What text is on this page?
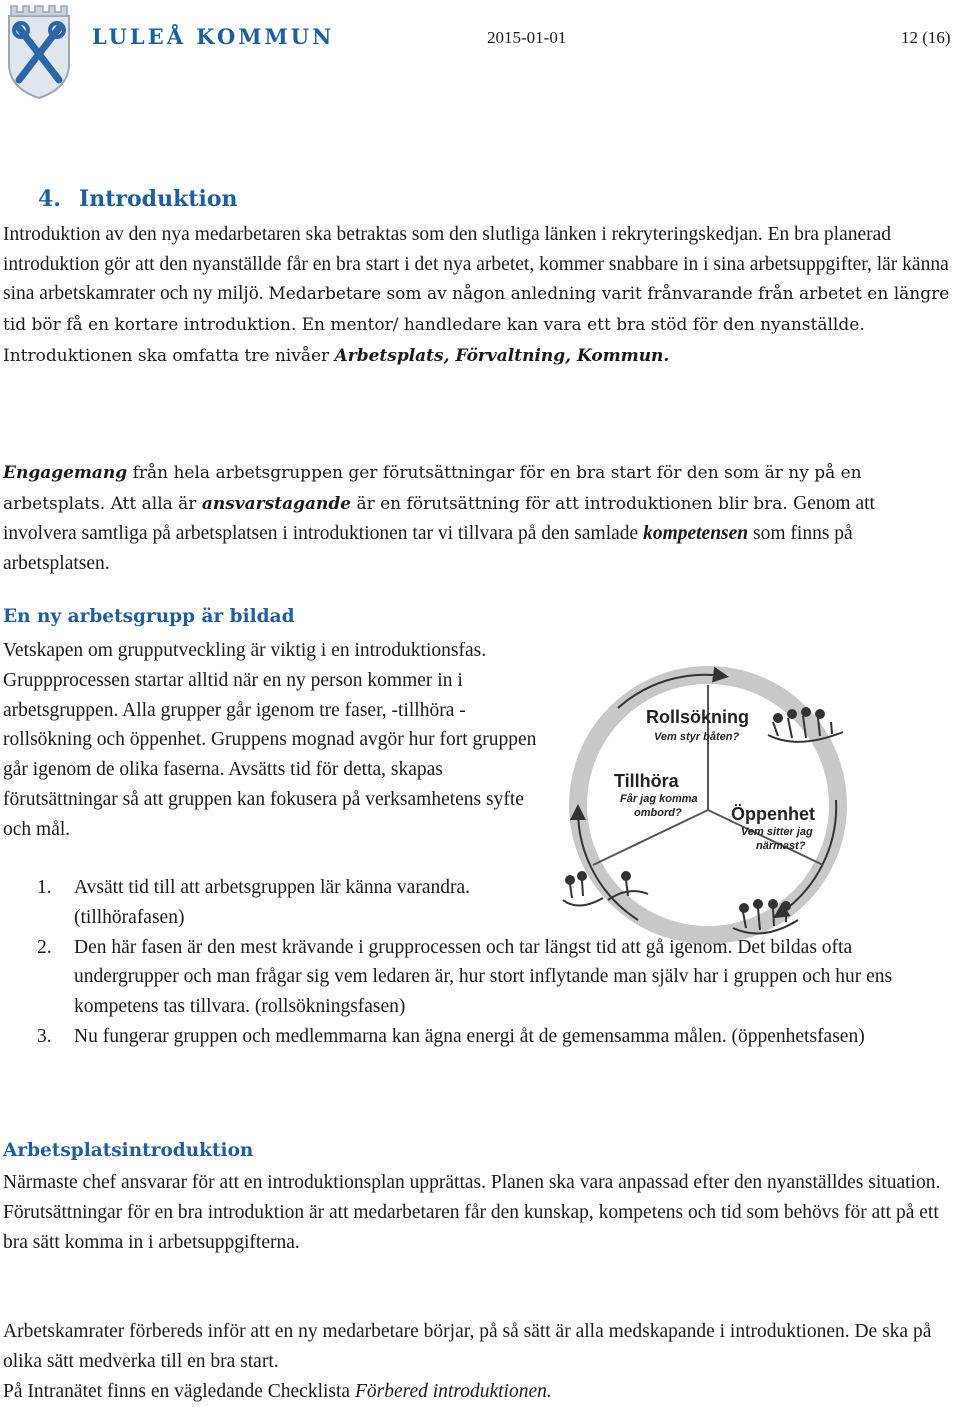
LULEÅ KOMMUN	2015-01-01	12 (16)
4. Introduktion

Introduktion av den nya medarbetaren ska betraktas som den slutliga länken i rekryteringskedjan. En bra planerad introduktion gör att den nyanställde får en bra start i det nya arbetet, kommer snabbare in i sina arbetsuppgifter, lär känna sina arbetskamrater och ny miljö. Medarbetare som av någon anledning varit frånvarande från arbetet en längre tid bör få en kortare introduktion. En mentor/ handledare kan vara ett bra stöd för den nyanställde. Introduktionen ska omfatta tre nivåer Arbetsplats, Förvaltning, Kommun.

Engagemang från hela arbetsgruppen ger förutsättningar för en bra start för den som är ny på en arbetsplats. Att alla är ansvarstagande är en förutsättning för att introduktionen blir bra. Genom att involvera samtliga på arbetsplatsen i introduktionen tar vi tillvara på den samlade kompetensen som finns på arbetsplatsen.

En ny arbetsgrupp är bildad

Vetskapen om grupputveckling är viktig i en introduktionsfas. Gruppprocessen startar alltid när en ny person kommer in i arbetsgruppen. Alla grupper går igenom tre faser, -tillhöra -rollsökning och öppenhet. Gruppens mognad avgör hur fort gruppen går igenom de olika faserna. Avsätts tid för detta, skapas förutsättningar så att gruppen kan fokusera på verksamhetens syfte och mål.

1. Avsätt tid till att arbetsgruppen lär känna varandra. (tillhörafasen)
2. Den här fasen är den mest krävande i grupprocessen och tar längst tid att gå igenom. Det bildas ofta undergrupper och man frågar sig vem ledaren är, hur stort inflytande man själv har i gruppen och hur ens kompetens tas tillvara. (rollsökningsfasen)
3. Nu fungerar gruppen och medlemmarna kan ägna energi åt de gemensamma målen. (öppenhetsfasen)
Rollsökning
Vem styr båten?
Tillhöra
Får jag komma
ombord?	Öppenhet
Vem sitter jag
närmast?
Arbetsplatsintroduktion

Närmaste chef ansvarar för att en introduktionsplan upprättas. Planen ska vara anpassad efter den nyanställdes situation. Förutsättningar för en bra introduktion är att medarbetaren får den kunskap, kompetens och tid som behövs för att på ett bra sätt komma in i arbetsuppgifterna.

Arbetskamrater förbereds inför att en ny medarbetare börjar, på så sätt är alla medskapande i introduktionen. De ska på olika sätt medverka till en bra start.
På Intranätet finns en vägledande Checklista Förbered introduktionen.
